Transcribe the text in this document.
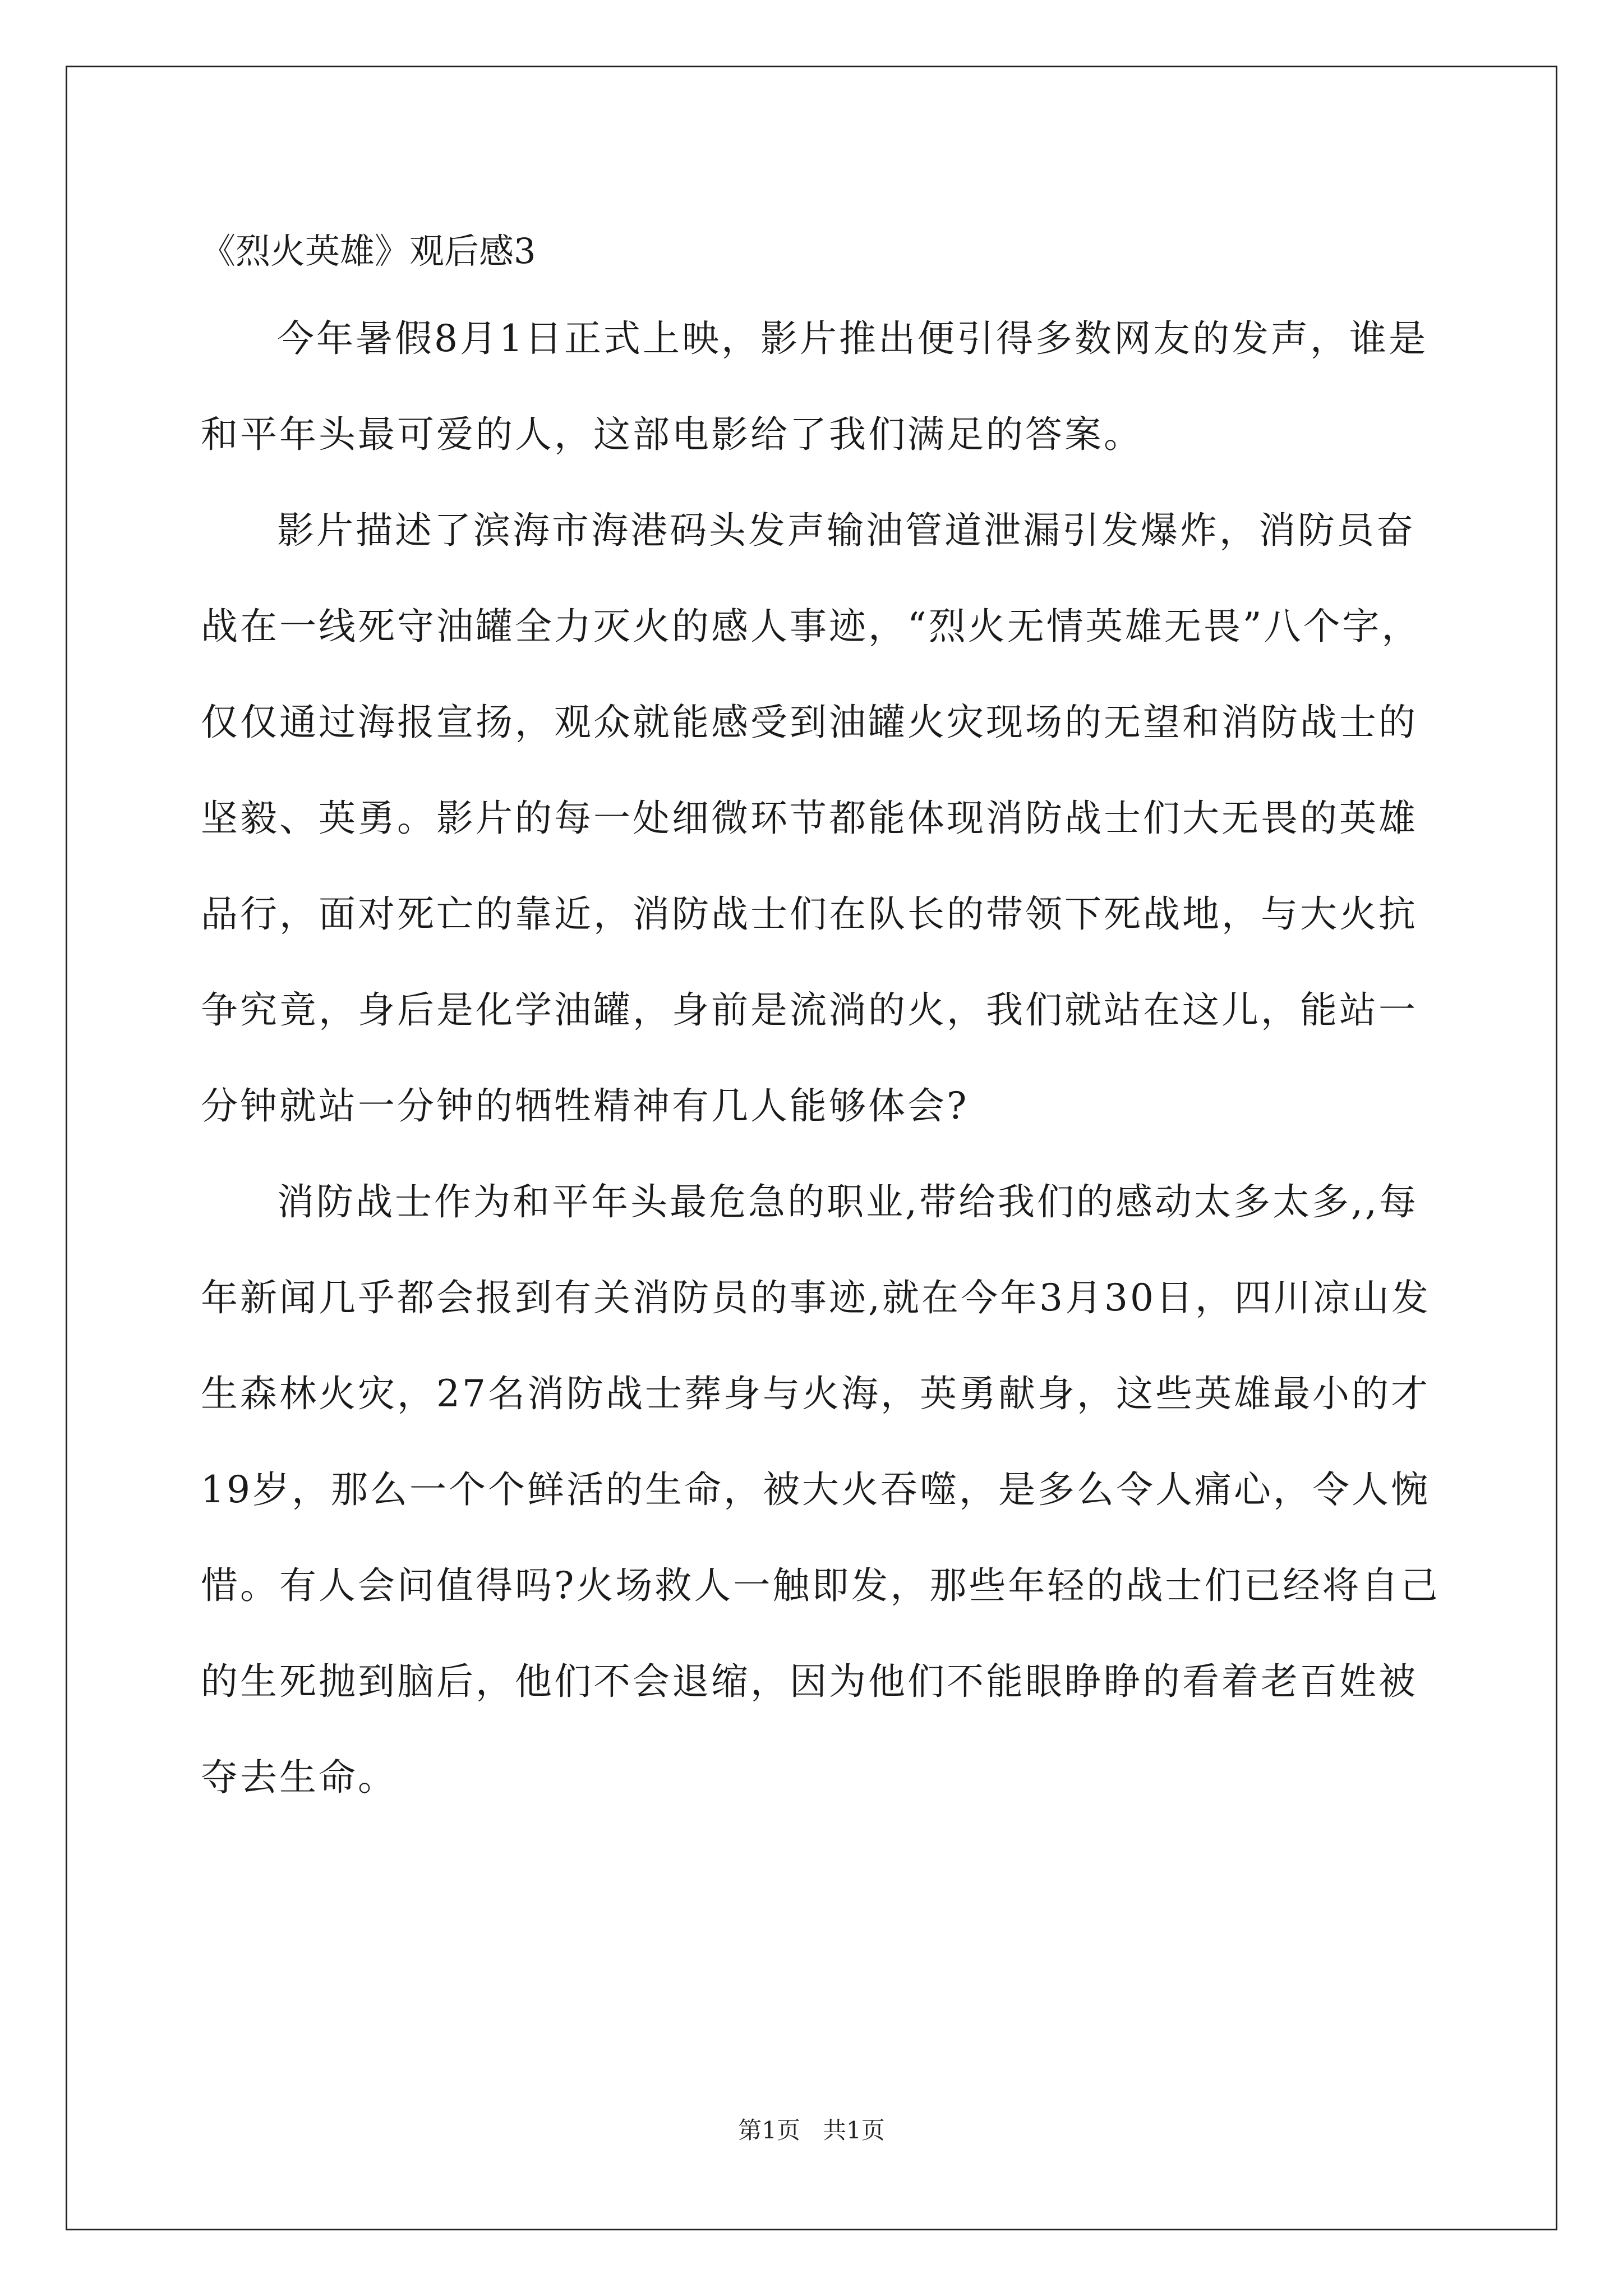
《烈火英雄》观后感3

今年暑假8月1日正式上映，影片推出便引得多数网友的发声，谁是和平年头最可爱的人，这部电影给了我们满足的答案。

影片描述了滨海市海港码头发声输油管道泄漏引发爆炸，消防员奋战在一线死守油罐全力灭火的感人事迹，“烈火无情英雄无畏”八个字，仅仅通过海报宣扬，观众就能感受到油罐火灾现场的无望和消防战士的坚毅、英勇。影片的每一处细微环节都能体现消防战士们大无畏的英雄品行，面对死亡的靠近，消防战士们在队长的带领下死战地，与大火抗争究竟，身后是化学油罐，身前是流淌的火，我们就站在这儿，能站一分钟就站一分钟的牺牲精神有几人能够体会?

消防战士作为和平年头最危急的职业,带给我们的感动太多太多,,每年新闻几乎都会报到有关消防员的事迹,就在今年3月30日，四川凉山发生森林火灾，27名消防战士葬身与火海，英勇献身，这些英雄最小的才19岁，那么一个个鲜活的生命，被大火吞噬，是多么令人痛心，令人惋惜。有人会问值得吗?火场救人一触即发，那些年轻的战士们已经将自己的生死抛到脑后，他们不会退缩，因为他们不能眼睁睁的看着老百姓被夺去生命。

第1页   共1页
